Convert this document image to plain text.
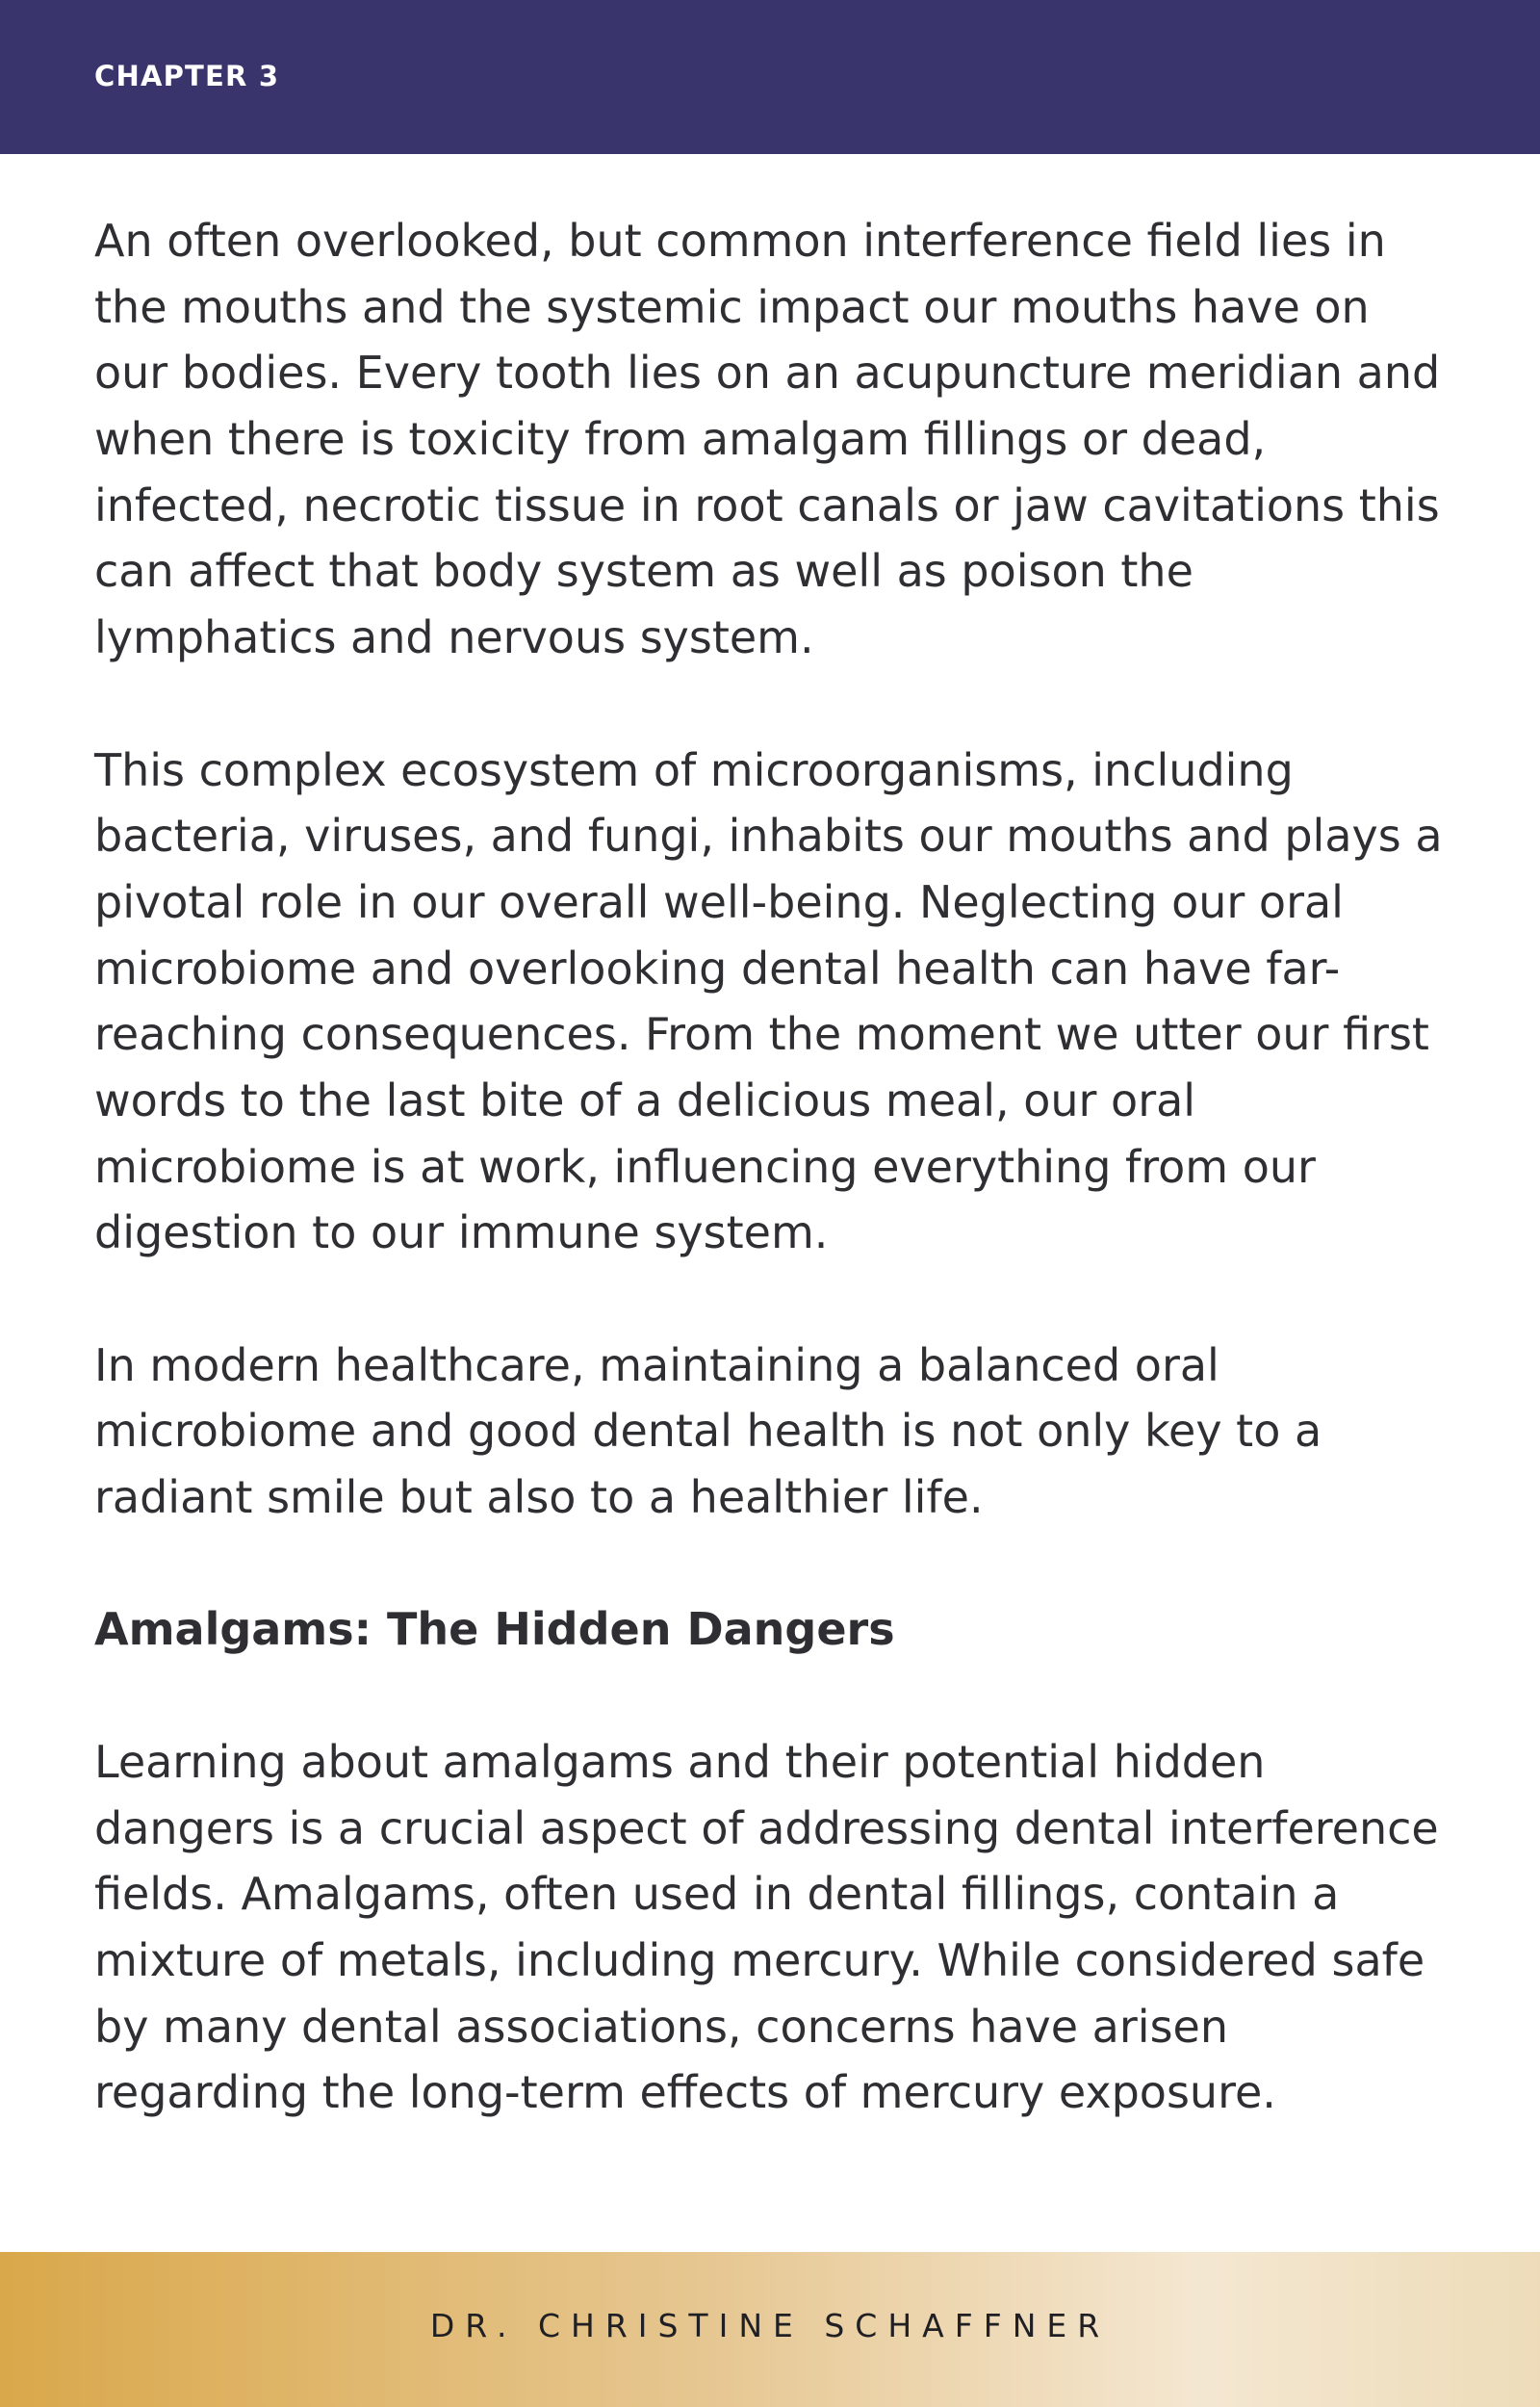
CHAPTER 3
An often overlooked, but common interference field lies in
the mouths and the systemic impact our mouths have on
our bodies. Every tooth lies on an acupuncture meridian and
when there is toxicity from amalgam fillings or dead,
infected, necrotic tissue in root canals or jaw cavitations this
can affect that body system as well as poison the
lymphatics and nervous system.
This complex ecosystem of microorganisms, including
bacteria, viruses, and fungi, inhabits our mouths and plays a
pivotal role in our overall well-being. Neglecting our oral
microbiome and overlooking dental health can have far-
reaching consequences. From the moment we utter our first
words to the last bite of a delicious meal, our oral
microbiome is at work, influencing everything from our
digestion to our immune system.
In modern healthcare, maintaining a balanced oral
microbiome and good dental health is not only key to a
radiant smile but also to a healthier life.
Amalgams: The Hidden Dangers
Learning about amalgams and their potential hidden
dangers is a crucial aspect of addressing dental interference
fields. Amalgams, often used in dental fillings, contain a
mixture of metals, including mercury. While considered safe
by many dental associations, concerns have arisen
regarding the long-term effects of mercury exposure.
DR. CHRISTINE SCHAFFNER
